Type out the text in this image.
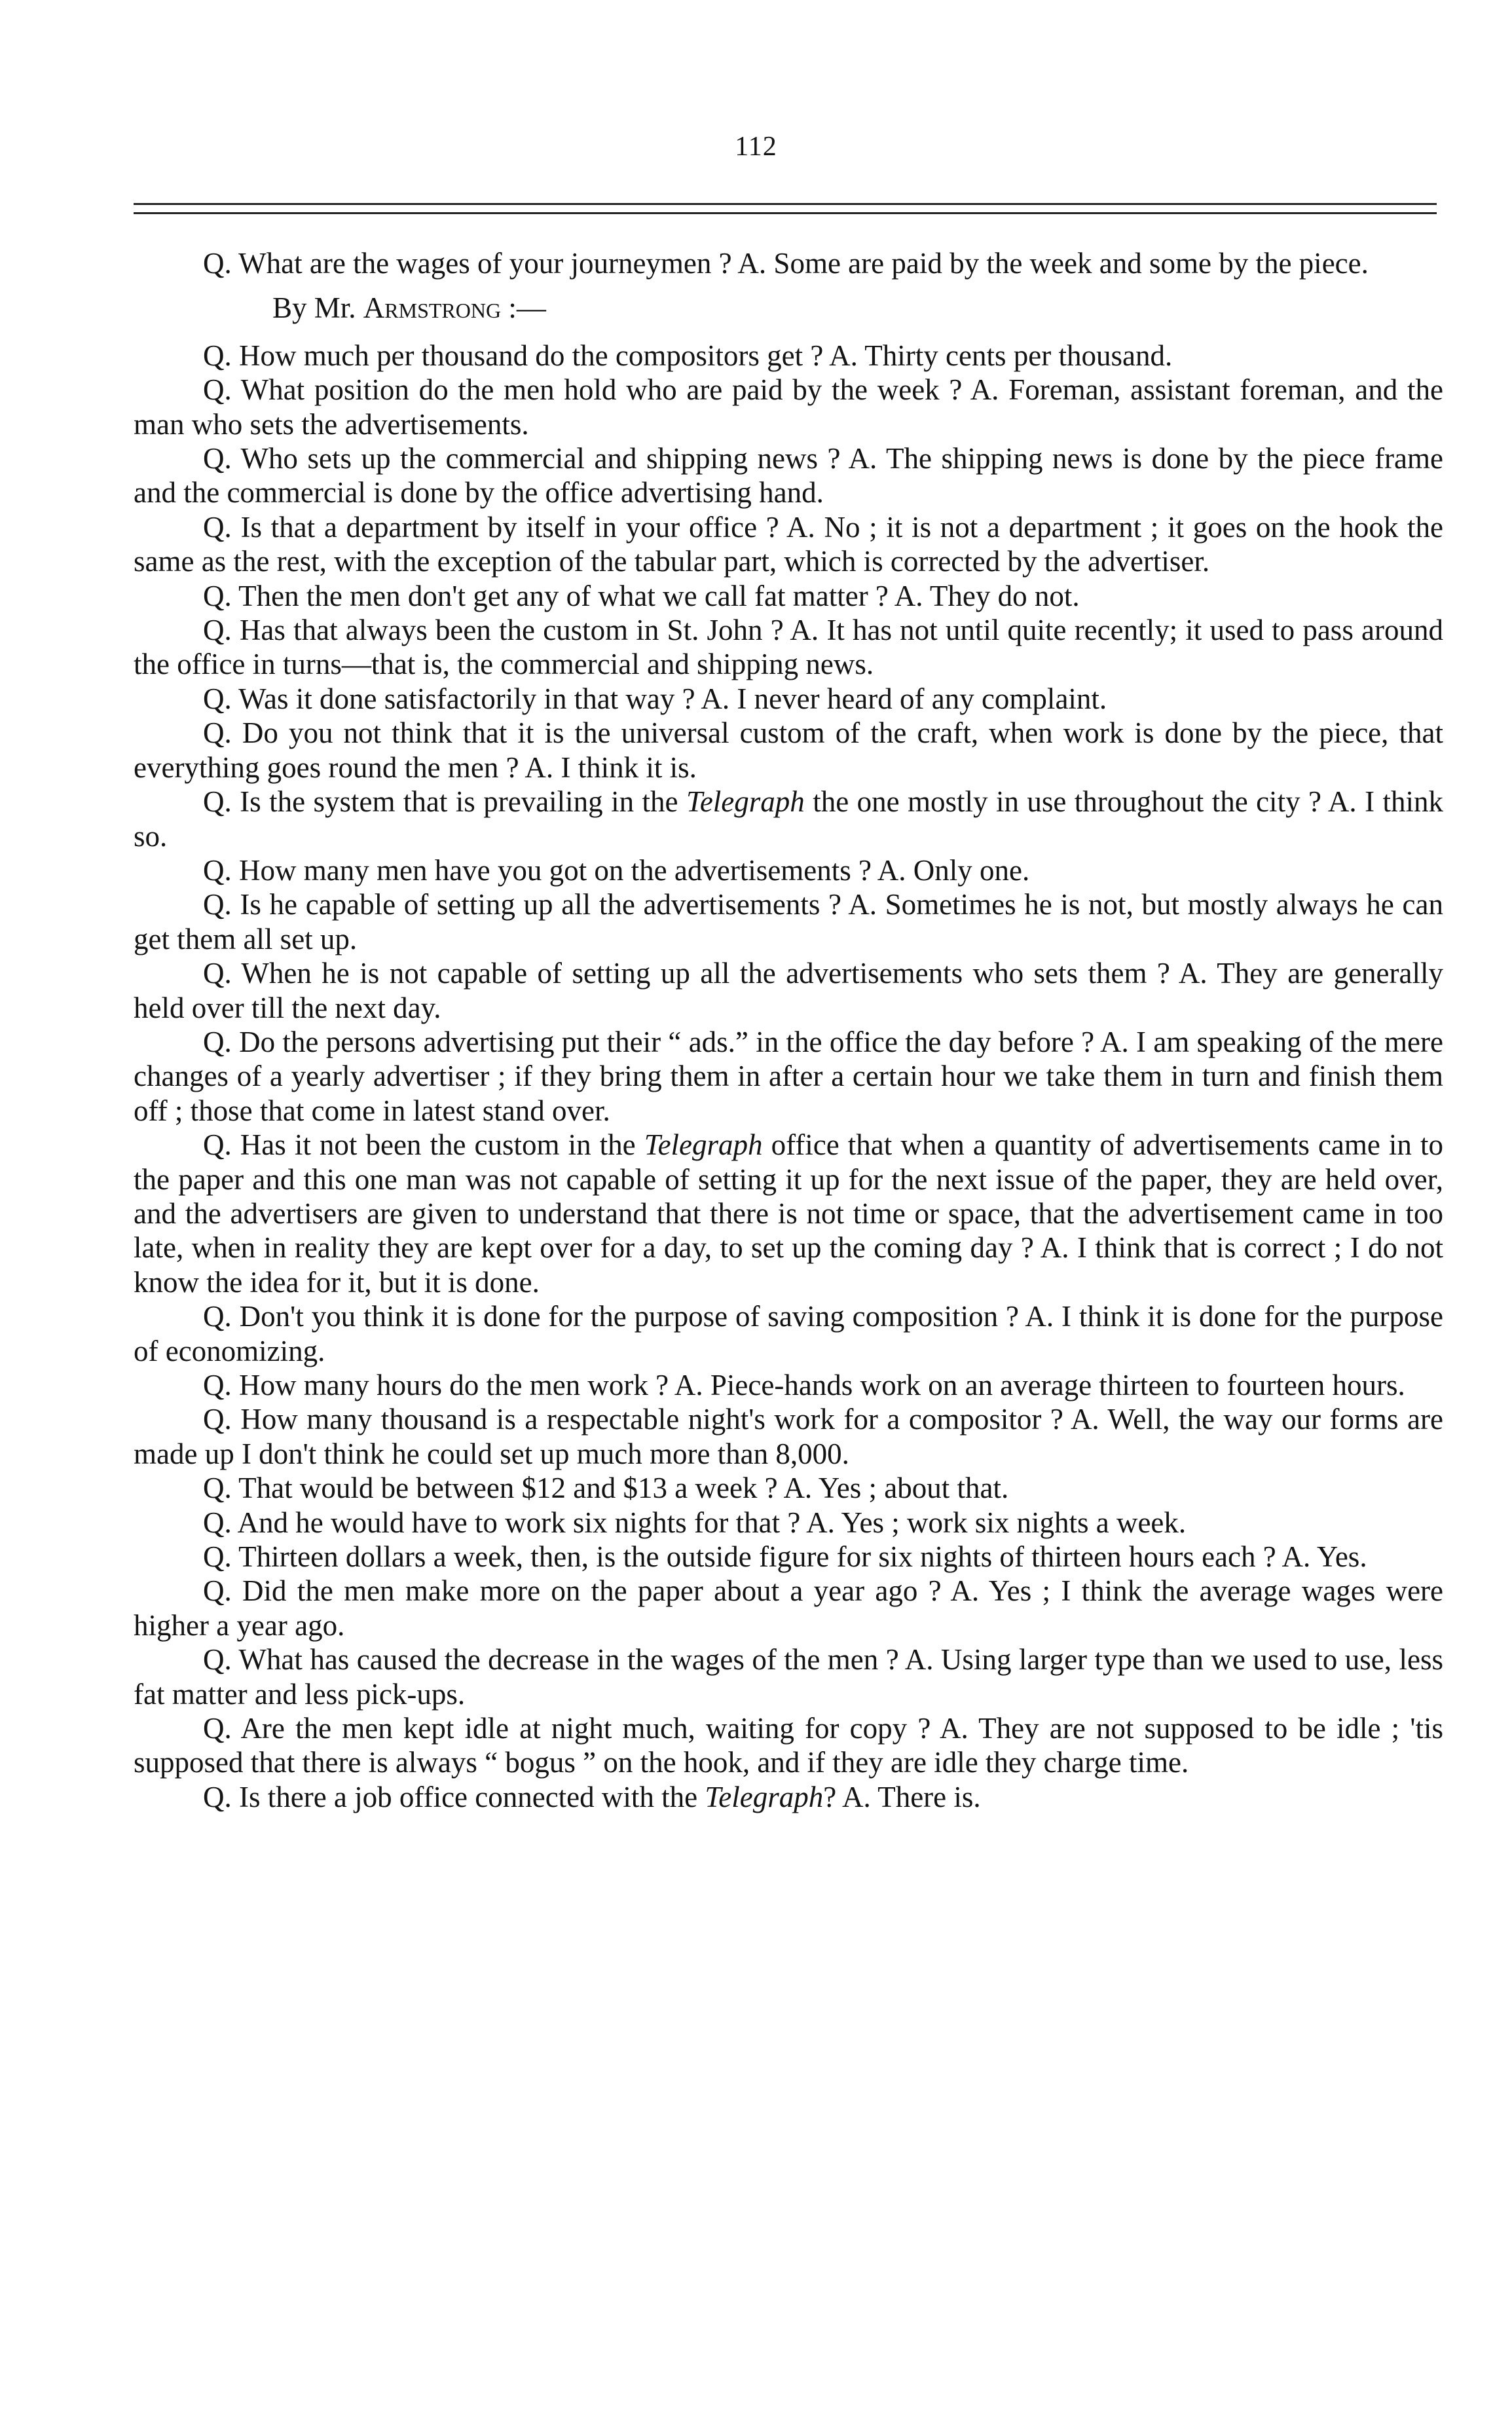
112

Q. What are the wages of your journeymen ? A. Some are paid by the week and some by the piece.

By Mr. Armstrong :—

Q. How much per thousand do the compositors get ? A. Thirty cents per thousand.

Q. What position do the men hold who are paid by the week ? A. Foreman, assistant foreman, and the man who sets the advertisements.

Q. Who sets up the commercial and shipping news ? A. The shipping news is done by the piece frame and the commercial is done by the office advertising hand.

Q. Is that a department by itself in your office ? A. No ; it is not a department ; it goes on the hook the same as the rest, with the exception of the tabular part, which is corrected by the advertiser.

Q. Then the men don't get any of what we call fat matter ? A. They do not.

Q. Has that always been the custom in St. John ? A. It has not until quite recently; it used to pass around the office in turns—that is, the commercial and shipping news.

Q. Was it done satisfactorily in that way ? A. I never heard of any complaint.

Q. Do you not think that it is the universal custom of the craft, when work is done by the piece, that everything goes round the men ? A. I think it is.

Q. Is the system that is prevailing in the Telegraph the one mostly in use throughout the city ? A. I think so.

Q. How many men have you got on the advertisements ? A. Only one.

Q. Is he capable of setting up all the advertisements ? A. Sometimes he is not, but mostly always he can get them all set up.

Q. When he is not capable of setting up all the advertisements who sets them ? A. They are generally held over till the next day.

Q. Do the persons advertising put their “ ads.” in the office the day before ? A. I am speaking of the mere changes of a yearly advertiser ; if they bring them in after a certain hour we take them in turn and finish them off ; those that come in latest stand over.

Q. Has it not been the custom in the Telegraph office that when a quantity of advertisements came in to the paper and this one man was not capable of setting it up for the next issue of the paper, they are held over, and the advertisers are given to understand that there is not time or space, that the advertisement came in too late, when in reality they are kept over for a day, to set up the coming day ? A. I think that is correct ; I do not know the idea for it, but it is done.

Q. Don't you think it is done for the purpose of saving composition ? A. I think it is done for the purpose of economizing.

Q. How many hours do the men work ? A. Piece-hands work on an average thirteen to fourteen hours.

Q. How many thousand is a respectable night's work for a compositor ? A. Well, the way our forms are made up I don't think he could set up much more than 8,000.

Q. That would be between $12 and $13 a week ? A. Yes ; about that.

Q. And he would have to work six nights for that ? A. Yes ; work six nights a week.

Q. Thirteen dollars a week, then, is the outside figure for six nights of thirteen hours each ? A. Yes.

Q. Did the men make more on the paper about a year ago ? A. Yes ; I think the average wages were higher a year ago.

Q. What has caused the decrease in the wages of the men ? A. Using larger type than we used to use, less fat matter and less pick-ups.

Q. Are the men kept idle at night much, waiting for copy ? A. They are not supposed to be idle ; 'tis supposed that there is always “ bogus ” on the hook, and if they are idle they charge time.

Q. Is there a job office connected with the Telegraph? A. There is.
